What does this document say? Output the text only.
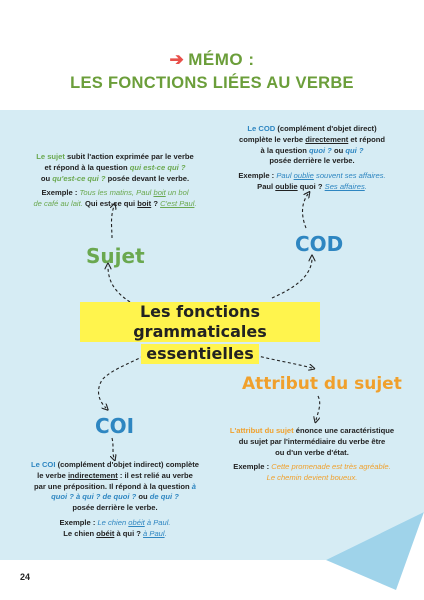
➔ MÉMO :
LES FONCTIONS LIÉES AU VERBE
Le sujet subit l'action exprimée par le verbe
et répond à la question qui est-ce qui ?
ou qu'est-ce qui ? posée devant le verbe.
Exemple : Tous les matins, Paul boit un bol
de café au lait. Qui est-ce qui boit ? C'est Paul.
Le COD (complément d'objet direct)
complète le verbe directement et répond
à la question quoi ? ou qui ?
posée derrière le verbe.
Exemple : Paul oublie souvent ses affaires.
Paul oublie quoi ? Ses affaires.
Sujet	COD
Attribut du sujet
COI
Les fonctions grammaticales
essentielles
L'attribut du sujet énonce une caractéristique
du sujet par l'intermédiaire du verbe être
ou d'un verbe d'état.
Exemple : Cette promenade est très agréable.
Le chemin devient boueux.
Le COI (complément d'objet indirect) complète
le verbe indirectement : il est relié au verbe
par une préposition. Il répond à la question à
quoi ? à qui ? de quoi ? ou de qui ?
posée derrière le verbe.
Exemple : Le chien obéit à Paul.
Le chien obéit à qui ? à Paul.
24
